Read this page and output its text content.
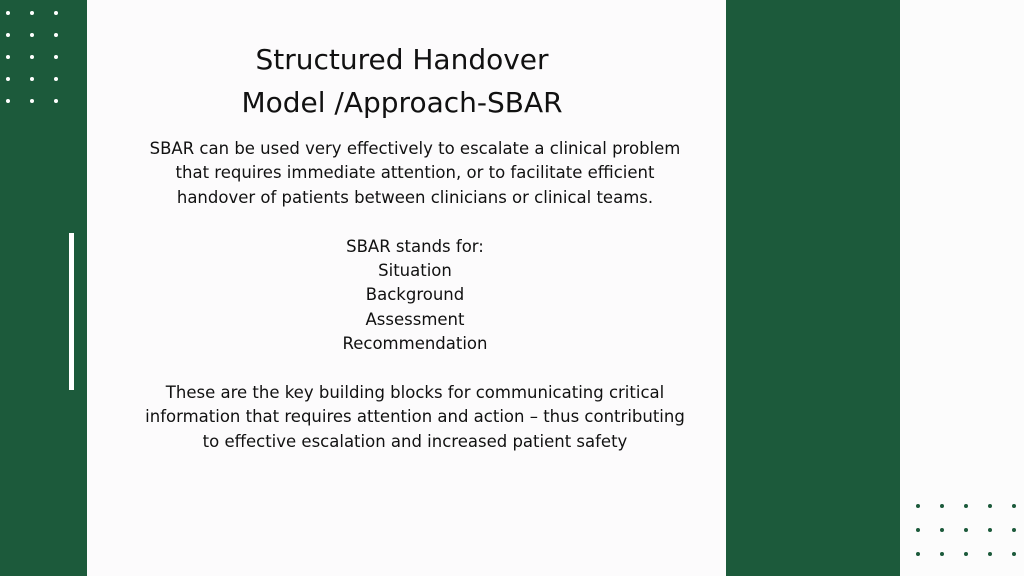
Structured Handover
Model /Approach-SBAR
SBAR can be used very effectively to escalate a clinical problem
that requires immediate attention, or to facilitate efficient
handover of patients between clinicians or clinical teams.
SBAR stands for:
Situation
Background
Assessment
Recommendation
These are the key building blocks for communicating critical
information that requires attention and action – thus contributing
to effective escalation and increased patient safety
